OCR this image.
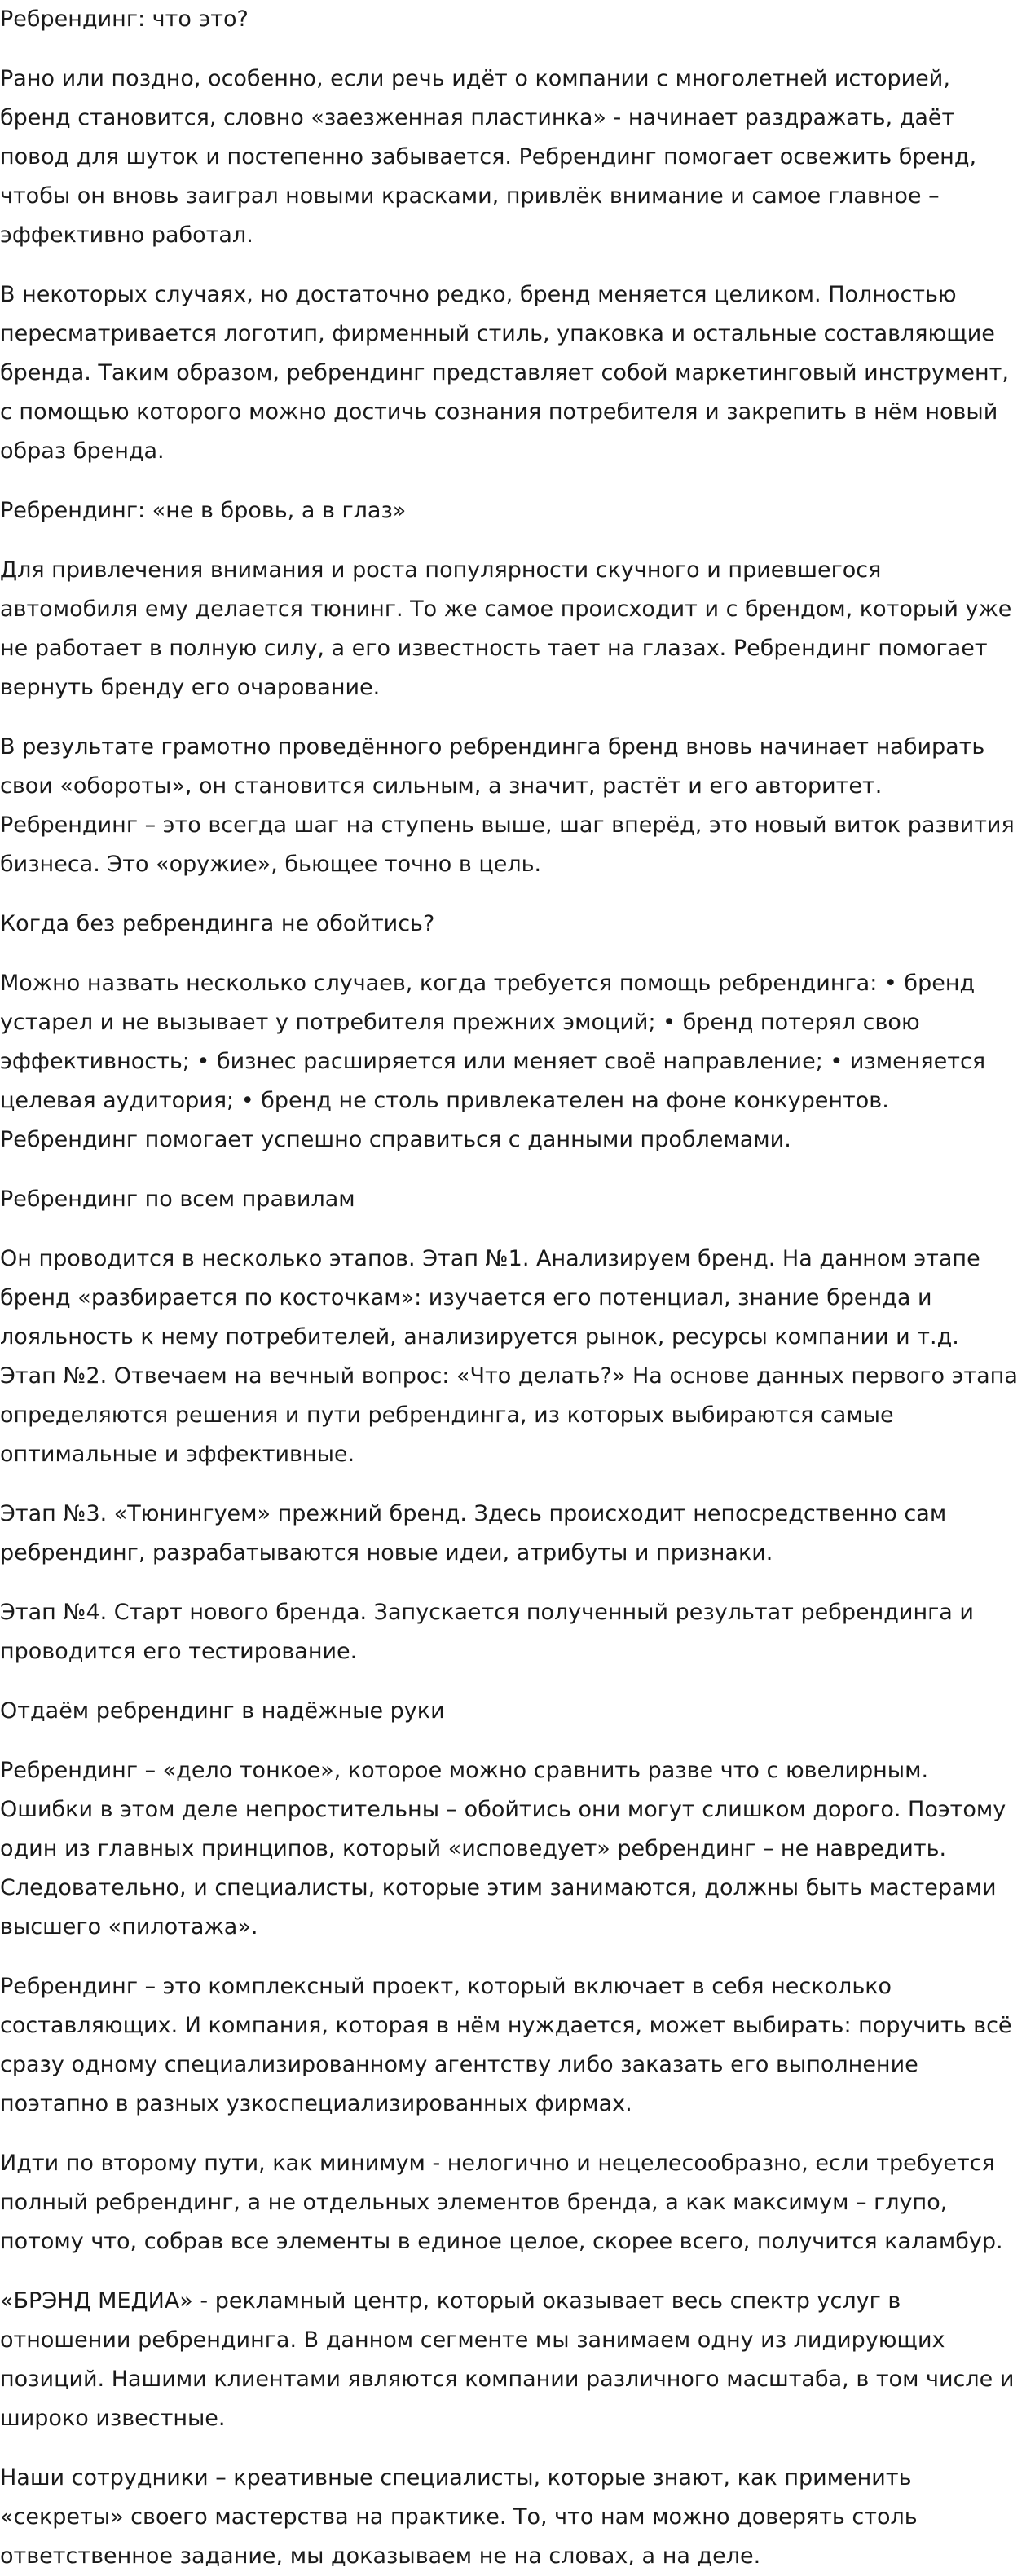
Ребрендинг: что это?

Рано или поздно, особенно, если речь идёт о компании с многолетней историей, бренд становится, словно «заезженная пластинка» - начинает раздражать, даёт повод для шуток и постепенно забывается. Ребрендинг помогает освежить бренд, чтобы он вновь заиграл новыми красками, привлёк внимание и самое главное – эффективно работал.

В некоторых случаях, но достаточно редко, бренд меняется целиком. Полностью пересматривается логотип, фирменный стиль, упаковка и остальные составляющие бренда. Таким образом, ребрендинг представляет собой маркетинговый инструмент, с помощью которого можно достичь сознания потребителя и закрепить в нём новый образ бренда.

Ребрендинг: «не в бровь, а в глаз»

Для привлечения внимания и роста популярности скучного и приевшегося автомобиля ему делается тюнинг. То же самое происходит и с брендом, который уже не работает в полную силу, а его известность тает на глазах. Ребрендинг помогает вернуть бренду его очарование.

В результате грамотно проведённого ребрендинга бренд вновь начинает набирать свои «обороты», он становится сильным, а значит, растёт и его авторитет. Ребрендинг – это всегда шаг на ступень выше, шаг вперёд, это новый виток развития бизнеса. Это «оружие», бьющее точно в цель.

Когда без ребрендинга не обойтись?

Можно назвать несколько случаев, когда требуется помощь ребрендинга: • бренд устарел и не вызывает у потребителя прежних эмоций; • бренд потерял свою эффективность; • бизнес расширяется или меняет своё направление; • изменяется целевая аудитория; • бренд не столь привлекателен на фоне конкурентов. Ребрендинг помогает успешно справиться с данными проблемами.

Ребрендинг по всем правилам

Он проводится в несколько этапов. Этап №1. Анализируем бренд. На данном этапе бренд «разбирается по косточкам»: изучается его потенциал, знание бренда и лояльность к нему потребителей, анализируется рынок, ресурсы компании и т.д. Этап №2. Отвечаем на вечный вопрос: «Что делать?» На основе данных первого этапа определяются решения и пути ребрендинга, из которых выбираются самые оптимальные и эффективные.

Этап №3. «Тюнингуем» прежний бренд. Здесь происходит непосредственно сам ребрендинг, разрабатываются новые идеи, атрибуты и признаки.

Этап №4. Старт нового бренда. Запускается полученный результат ребрендинга и проводится его тестирование.

Отдаём ребрендинг в надёжные руки

Ребрендинг – «дело тонкое», которое можно сравнить разве что с ювелирным. Ошибки в этом деле непростительны – обойтись они могут слишком дорого. Поэтому один из главных принципов, который «исповедует» ребрендинг – не навредить. Следовательно, и специалисты, которые этим занимаются, должны быть мастерами высшего «пилотажа».

Ребрендинг – это комплексный проект, который включает в себя несколько составляющих. И компания, которая в нём нуждается, может выбирать: поручить всё сразу одному специализированному агентству либо заказать его выполнение поэтапно в разных узкоспециализированных фирмах.

Идти по второму пути, как минимум - нелогично и нецелесообразно, если требуется полный ребрендинг, а не отдельных элементов бренда, а как максимум – глупо, потому что, собрав все элементы в единое целое, скорее всего, получится каламбур.

«БРЭНД МЕДИА» - рекламный центр, который оказывает весь спектр услуг в отношении ребрендинга. В данном сегменте мы занимаем одну из лидирующих позиций. Нашими клиентами являются компании различного масштаба, в том числе и широко известные.

Наши сотрудники – креативные специалисты, которые знают, как применить «секреты» своего мастерства на практике. То, что нам можно доверять столь ответственное задание, мы доказываем не на словах, а на деле.
